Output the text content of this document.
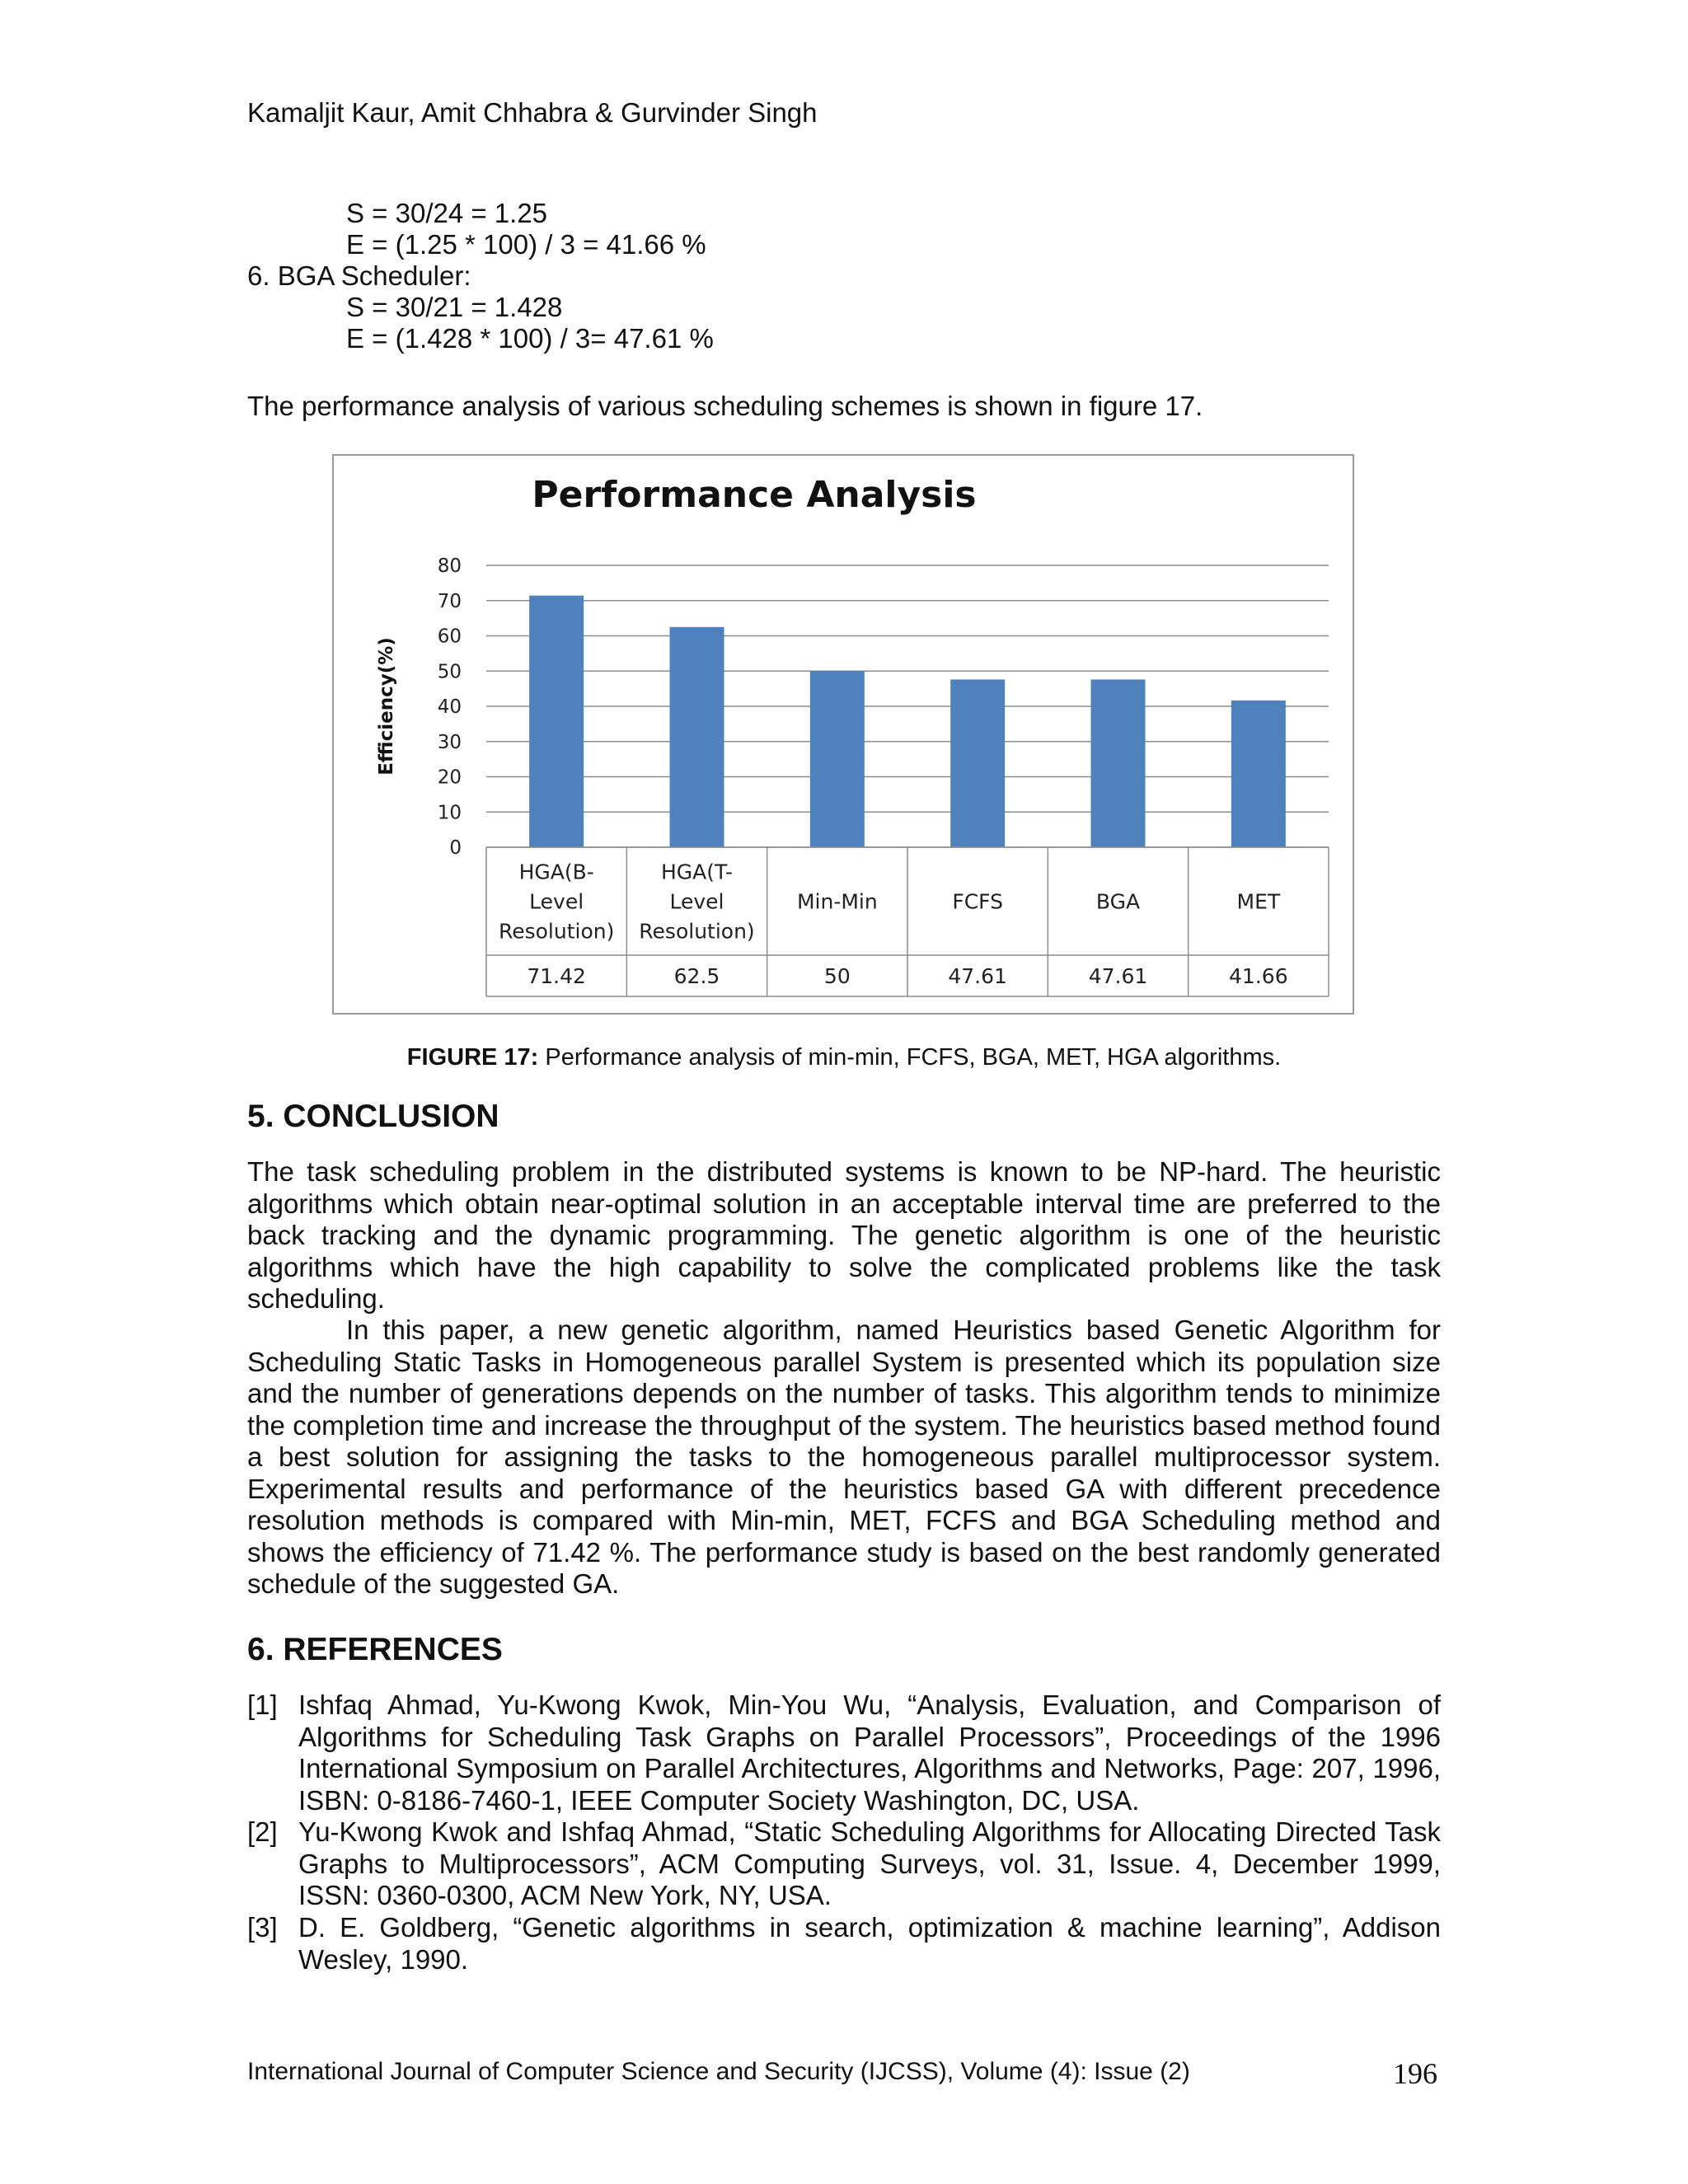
Kamaljit Kaur, Amit Chhabra & Gurvinder Singh
S = 30/24 = 1.25
E = (1.25 * 100) / 3 = 41.66 %
6. BGA Scheduler:
S = 30/21 = 1.428
E = (1.428 * 100) / 3= 47.61 %
The performance analysis of various scheduling schemes is shown in figure 17.
Performance Analysis
0
10
20
30
40
50
60
70
80
Efficiency(%)
HGA(B-
Level
Resolution)
71.42
HGA(T-
Level
Resolution)
62.5
Min-Min
50
FCFS
47.61
BGA
47.61
MET
41.66
FIGURE 17: Performance analysis of min-min, FCFS, BGA, MET, HGA algorithms.
5. CONCLUSION

The task scheduling problem in the distributed systems is known to be NP-hard. The heuristic algorithms which obtain near-optimal solution in an acceptable interval time are preferred to the back tracking and the dynamic programming. The genetic algorithm is one of the heuristic algorithms which have the high capability to solve the complicated problems like the task scheduling.

In this paper, a new genetic algorithm, named Heuristics based Genetic Algorithm for Scheduling Static Tasks in Homogeneous parallel System is presented which its population size and the number of generations depends on the number of tasks. This algorithm tends to minimize the completion time and increase the throughput of the system. The heuristics based method found a best solution for assigning the tasks to the homogeneous parallel multiprocessor system. Experimental results and performance of the heuristics based GA with different precedence resolution methods is compared with Min-min, MET, FCFS and BGA Scheduling method and shows the efficiency of 71.42 %. The performance study is based on the best randomly generated schedule of the suggested GA.

6. REFERENCES
[1] Ishfaq Ahmad, Yu-Kwong Kwok, Min-You Wu, “Analysis, Evaluation, and Comparison of Algorithms for Scheduling Task Graphs on Parallel Processors”, Proceedings of the 1996 International Symposium on Parallel Architectures, Algorithms and Networks, Page: 207, 1996, ISBN: 0-8186-7460-1, IEEE Computer Society Washington, DC, USA.
[2] Yu-Kwong Kwok and Ishfaq Ahmad, “Static Scheduling Algorithms for Allocating Directed Task Graphs to Multiprocessors”, ACM Computing Surveys, vol. 31, Issue. 4, December 1999, ISSN: 0360-0300, ACM New York, NY, USA.
[3] D. E. Goldberg, “Genetic algorithms in search, optimization & machine learning”, Addison Wesley, 1990.
International Journal of Computer Science and Security (IJCSS), Volume (4): Issue (2)	196
